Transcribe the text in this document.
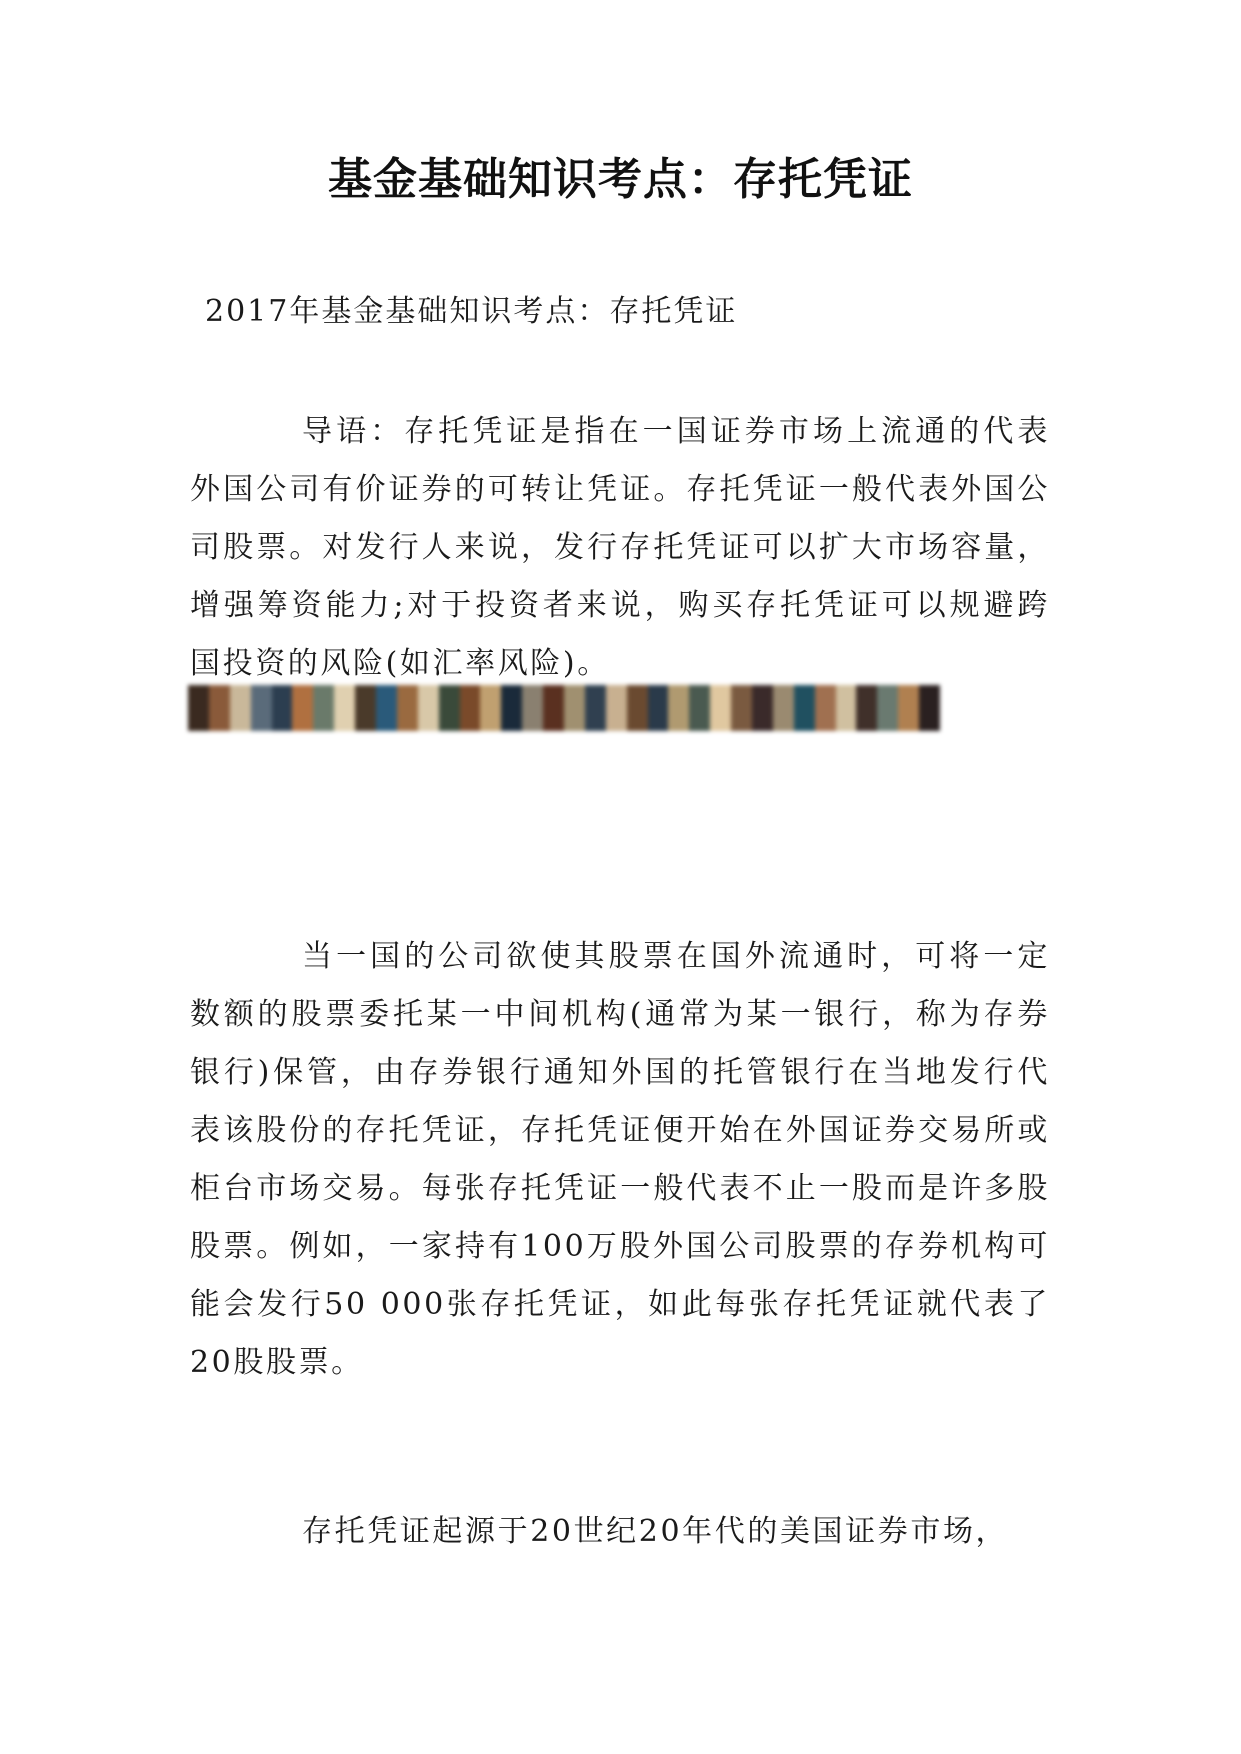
基金基础知识考点：存托凭证
2017年基金基础知识考点：存托凭证

导语：存托凭证是指在一国证券市场上流通的代表外国公司有价证券的可转让凭证。存托凭证一般代表外国公司股票。对发行人来说，发行存托凭证可以扩大市场容量，增强筹资能力;对于投资者来说，购买存托凭证可以规避跨国投资的风险(如汇率风险)。

当一国的公司欲使其股票在国外流通时，可将一定数额的股票委托某一中间机构(通常为某一银行，称为存券银行)保管，由存券银行通知外国的托管银行在当地发行代表该股份的存托凭证，存托凭证便开始在外国证券交易所或柜台市场交易。每张存托凭证一般代表不止一股而是许多股股票。例如，一家持有100万股外国公司股票的存券机构可能会发行50 000张存托凭证，如此每张存托凭证就代表了20股股票。

存托凭证起源于20世纪20年代的美国证券市场，
